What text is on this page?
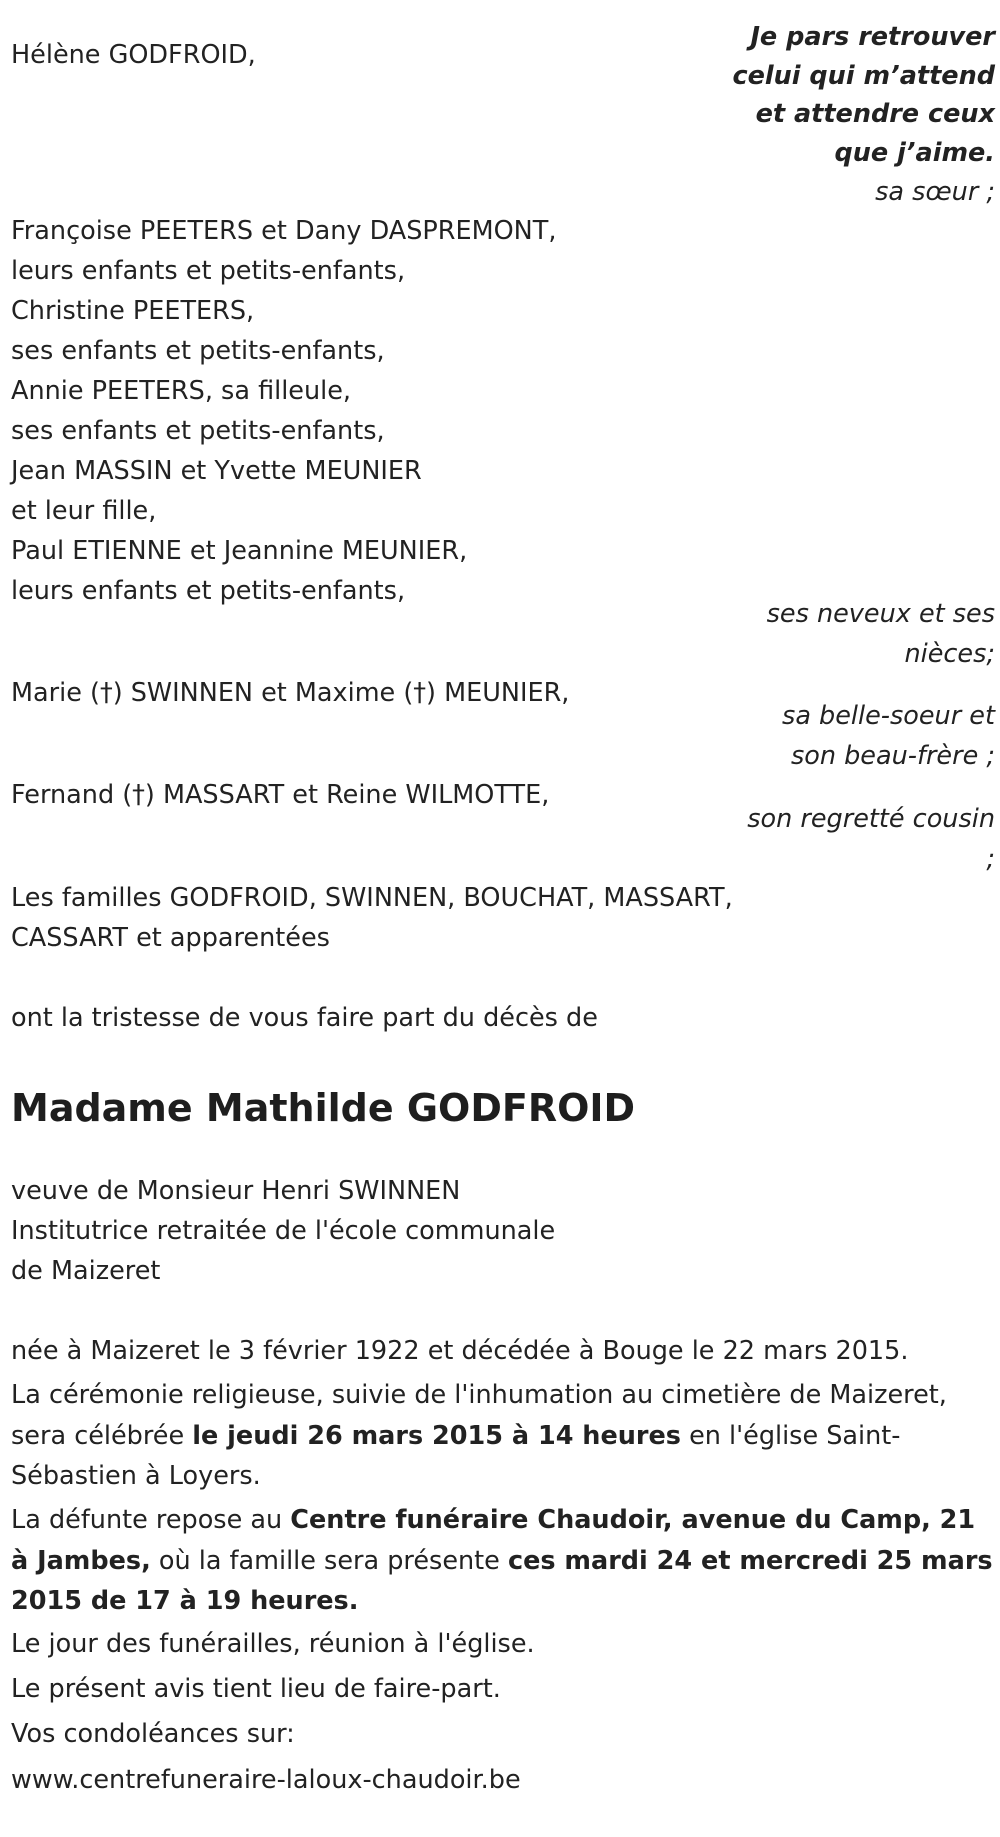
Hélène GODFROID,
Je pars retrouver
celui qui m’attend
et attendre ceux
que j’aime.
sa sœur ;
Françoise PEETERS et Dany DASPREMONT,
leurs enfants et petits-enfants,
Christine PEETERS,
ses enfants et petits-enfants,
Annie PEETERS, sa filleule,
ses enfants et petits-enfants,
Jean MASSIN et Yvette MEUNIER
et leur fille,
Paul ETIENNE et Jeannine MEUNIER,
leurs enfants et petits-enfants,
ses neveux et ses
nièces;
Marie (†) SWINNEN et Maxime (†) MEUNIER,
sa belle-soeur et
son beau-frère ;
Fernand (†) MASSART et Reine WILMOTTE,
son regretté cousin
;
Les familles GODFROID, SWINNEN, BOUCHAT, MASSART,
CASSART et apparentées
ont la tristesse de vous faire part du décès de
Madame Mathilde GODFROID
veuve de Monsieur Henri SWINNEN
Institutrice retraitée de l'école communale
de Maizeret
née à Maizeret le 3 février 1922 et décédée à Bouge le 22 mars 2015.
La cérémonie religieuse, suivie de l'inhumation au cimetière de Maizeret, sera célébrée le jeudi 26 mars 2015 à 14 heures en l'église Saint-Sébastien à Loyers.
La défunte repose au Centre funéraire Chaudoir, avenue du Camp, 21 à Jambes, où la famille sera présente ces mardi 24 et mercredi 25 mars 2015 de 17 à 19 heures.
Le jour des funérailles, réunion à l'église.
Le présent avis tient lieu de faire-part.
Vos condoléances sur:
www.centrefuneraire-laloux-chaudoir.be
